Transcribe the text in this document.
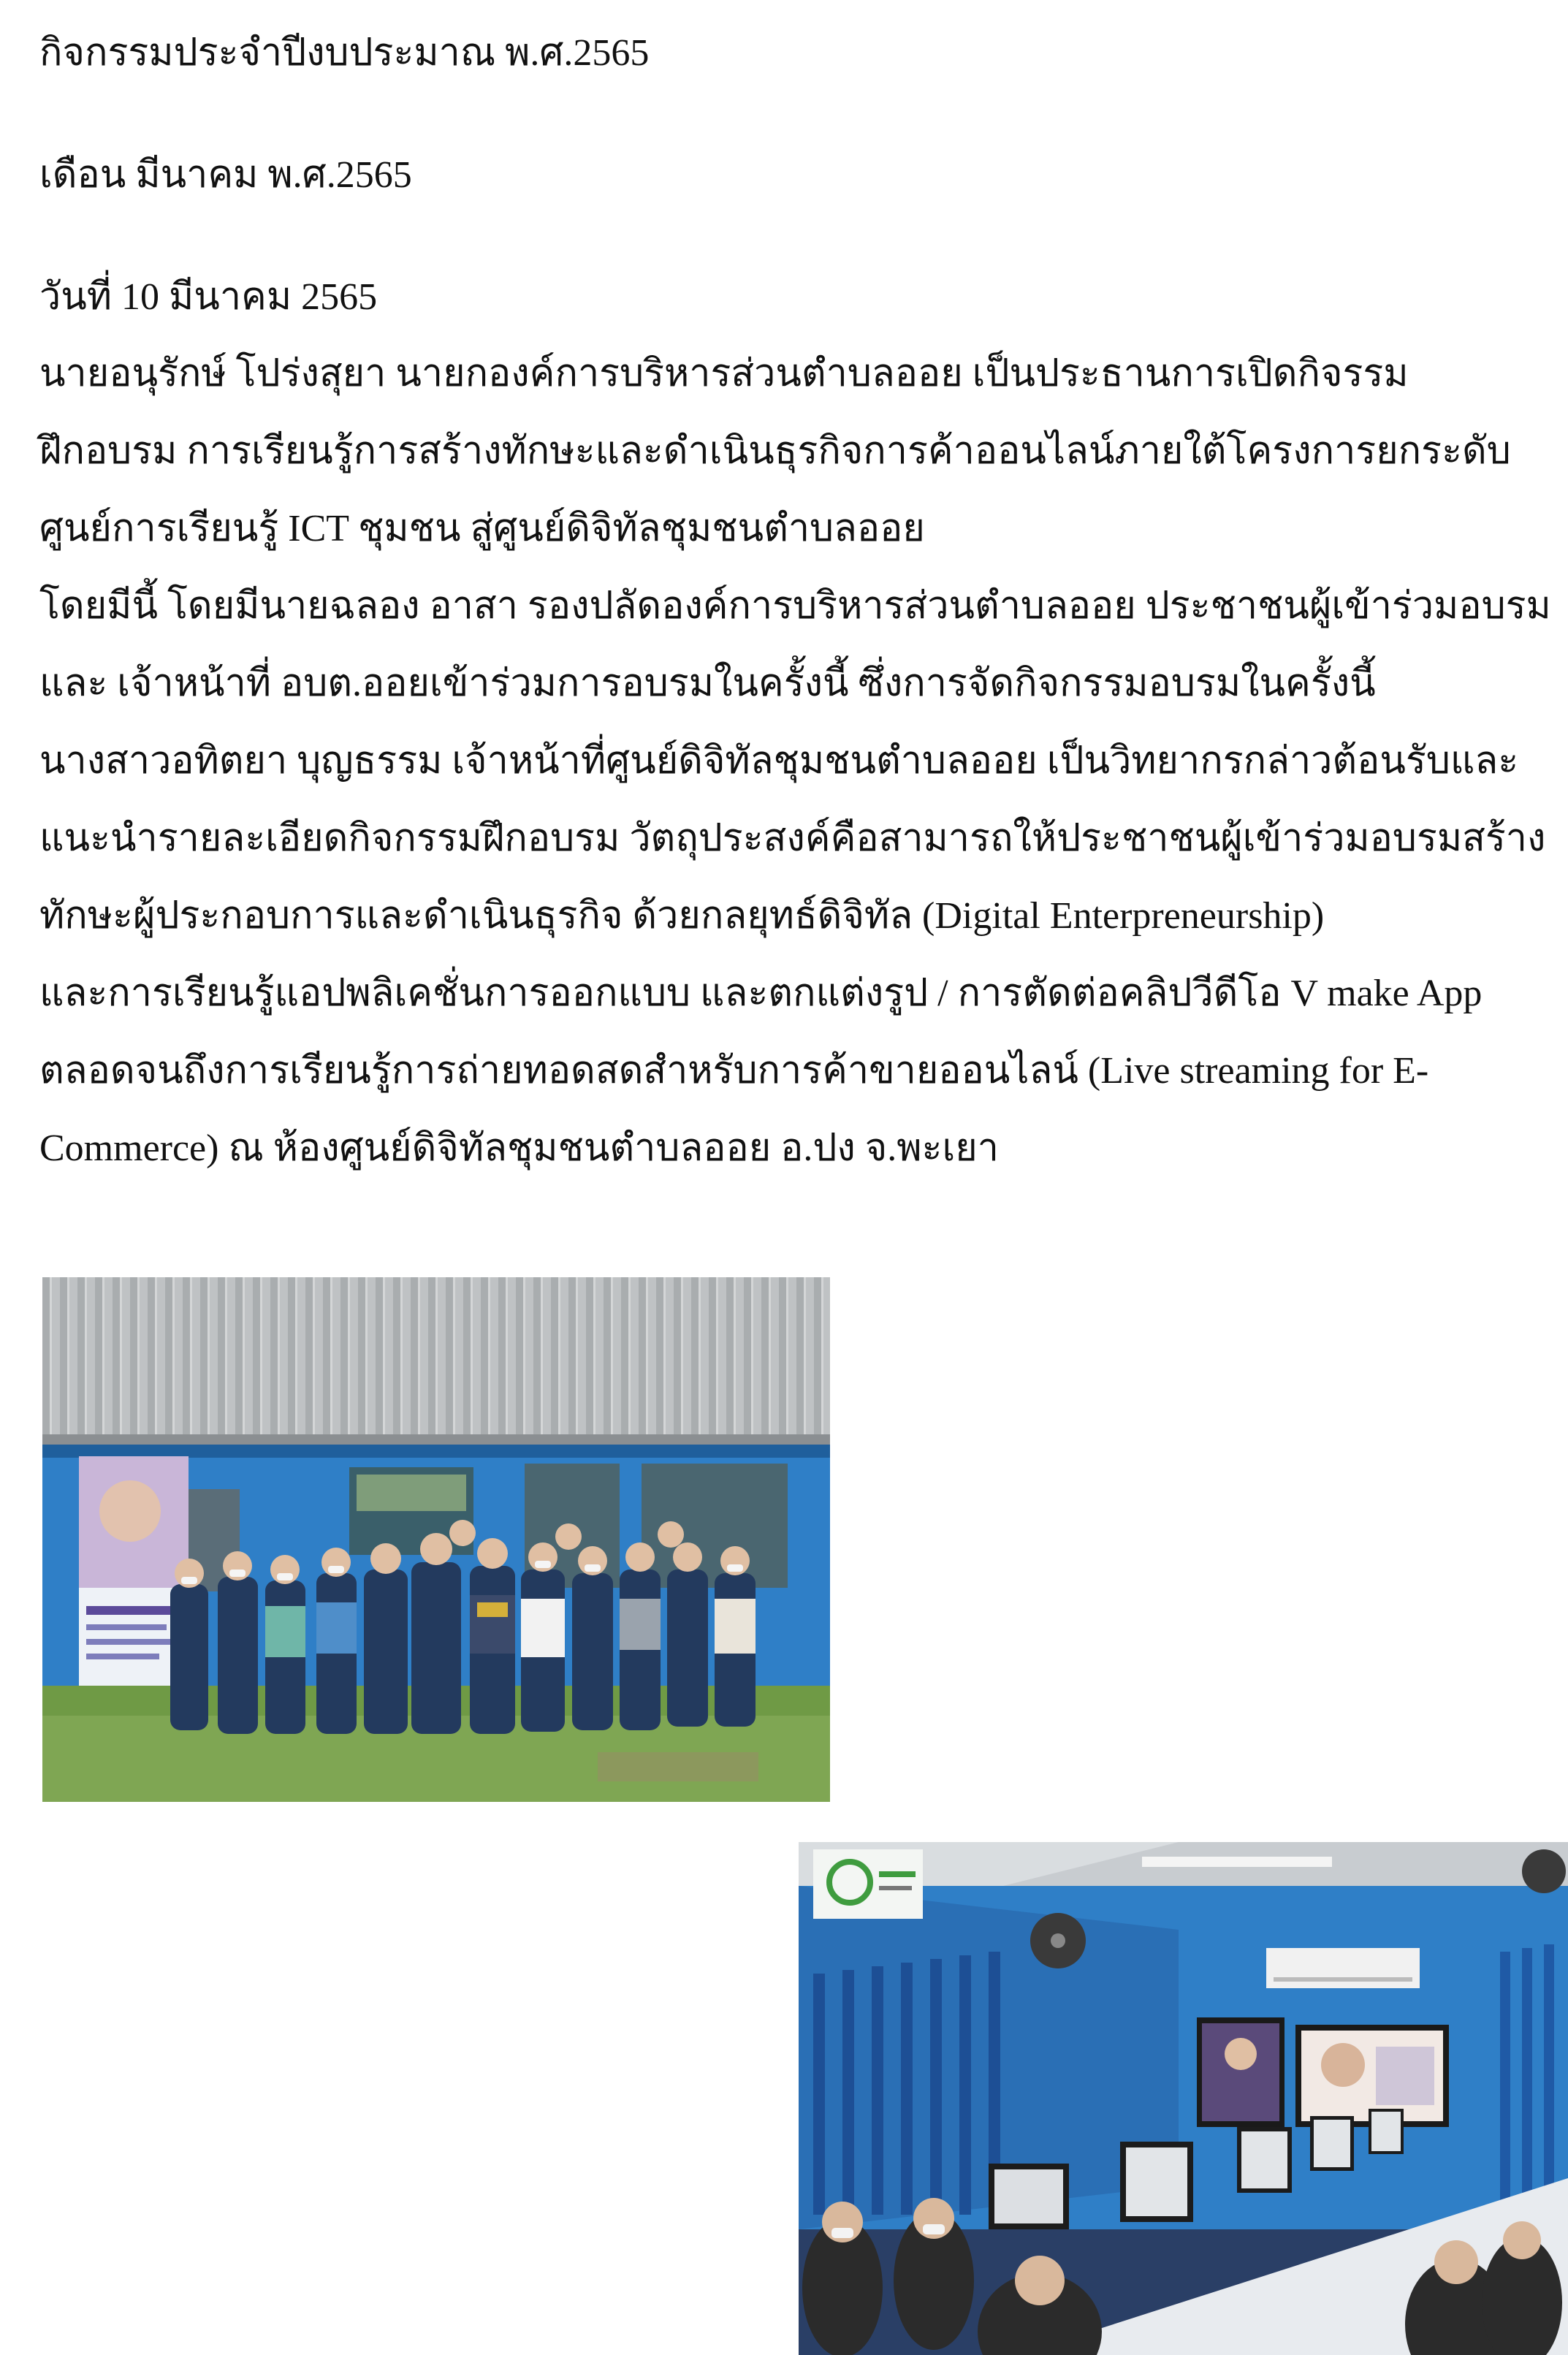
กิจกรรมประจำปีงบประมาณ พ.ศ.2565

เดือน มีนาคม พ.ศ.2565

วันที่ 10 มีนาคม 2565

นายอนุรักษ์ โปร่งสุยา นายกองค์การบริหารส่วนตำบลออย เป็นประธานการเปิดกิจรรม

ฝึกอบรม การเรียนรู้การสร้างทักษะและดำเนินธุรกิจการค้าออนไลน์ภายใต้โครงการยกระดับ

ศูนย์การเรียนรู้ ICT ชุมชน สู่ศูนย์ดิจิทัลชุมชนตำบลออย

โดยมีนี้ โดยมีนายฉลอง อาสา รองปลัดองค์การบริหารส่วนตำบลออย ประชาชนผู้เข้าร่วมอบรม

และ เจ้าหน้าที่ อบต.ออยเข้าร่วมการอบรมในครั้งนี้ ซึ่งการจัดกิจกรรมอบรมในครั้งนี้

นางสาวอทิตยา บุญธรรม เจ้าหน้าที่ศูนย์ดิจิทัลชุมชนตำบลออย เป็นวิทยากรกล่าวต้อนรับและ

แนะนำรายละเอียดกิจกรรมฝึกอบรม วัตถุประสงค์คือสามารถให้ประชาชนผู้เข้าร่วมอบรมสร้าง

ทักษะผู้ประกอบการและดำเนินธุรกิจ ด้วยกลยุทธ์ดิจิทัล (Digital Enterpreneurship)

และการเรียนรู้แอปพลิเคชั่นการออกแบบ และตกแต่งรูป / การตัดต่อคลิปวีดีโอ V make App

ตลอดจนถึงการเรียนรู้การถ่ายทอดสดสำหรับการค้าขายออนไลน์ (Live streaming for E-

Commerce) ณ ห้องศูนย์ดิจิทัลชุมชนตำบลออย อ.ปง จ.พะเยา
